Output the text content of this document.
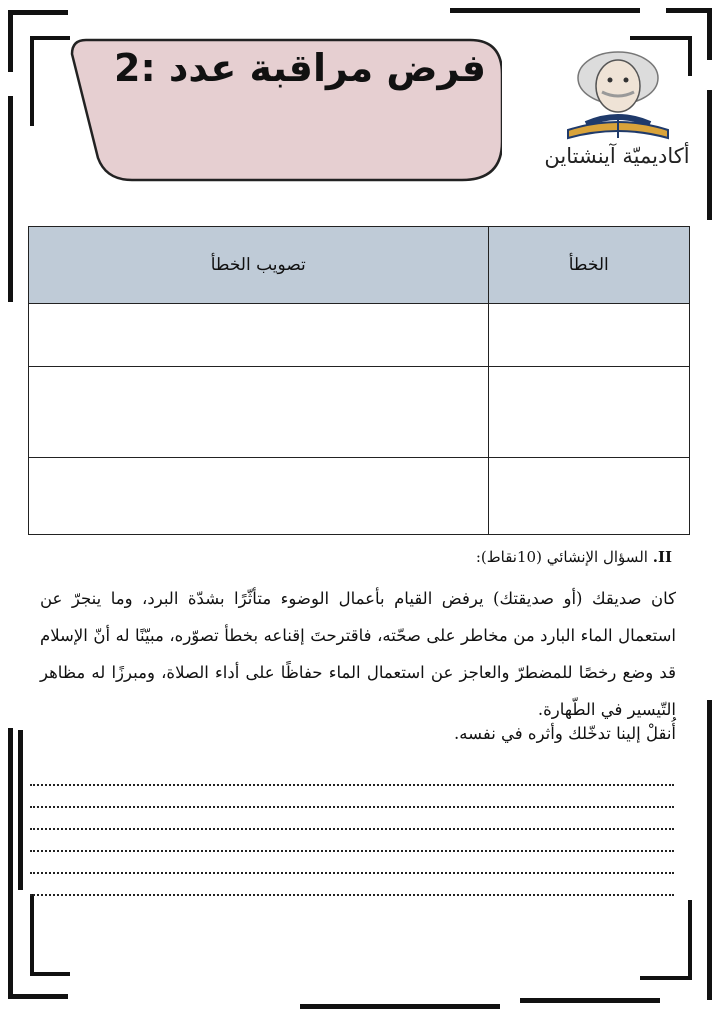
فرض مراقبة عدد :2
أكاديميّة آينشتاين
الخطأ	تصويب الخطأ

II. السؤال الإنشائي (10نقاط):
كان صديقك (أو صديقتك) يرفض القيام بأعمال الوضوء متأثّرًا بشدّة البرد، وما ينجرّ عن استعمال الماء البارد من مخاطر على صحّته، فاقترحتَ إقناعه بخطأ تصوّره، مبيّنًا له أنّ الإسلام قد وضع رخصًا للمضطرّ والعاجز عن استعمال الماء حفاظًا على أداء الصلاة، ومبرزًا له مظاهر التّيسير في الطّهارة.
أُنقلْ إلينا تدخّلك وأثره في نفسه.
